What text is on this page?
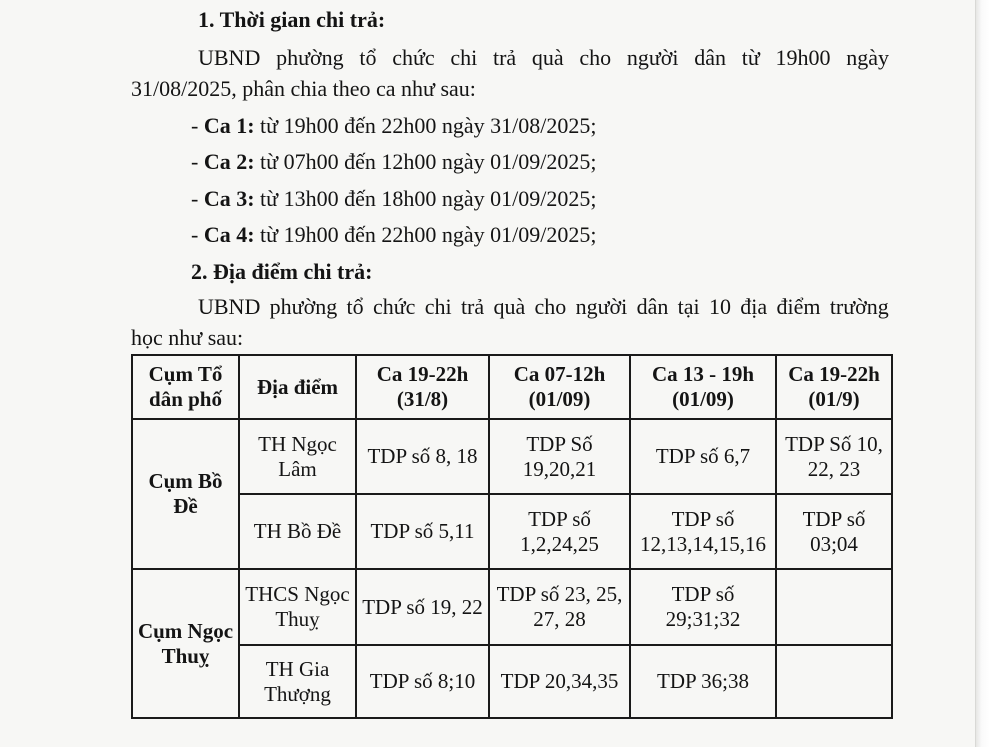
1. Thời gian chi trả:
UBND phường tổ chức chi trả quà cho người dân từ 19h00 ngày
31/08/2025, phân chia theo ca như sau:
- Ca 1: từ 19h00 đến 22h00 ngày 31/08/2025;
- Ca 2: từ 07h00 đến 12h00 ngày 01/09/2025;
- Ca 3: từ 13h00 đến 18h00 ngày 01/09/2025;
- Ca 4: từ 19h00 đến 22h00 ngày 01/09/2025;
2. Địa điểm chi trả:
UBND phường tổ chức chi trả quà cho người dân tại 10 địa điểm trường
học như sau:
Cụm Tổ dân phố	Địa điểm	Ca 19-22h (31/8)	Ca 07-12h (01/09)	Ca 13 - 19h (01/09)	Ca 19-22h (01/9)
Cụm Bồ Đề	TH Ngọc Lâm	TDP số 8, 18	TDP Số 19,20,21	TDP số 6,7	TDP Số 10, 22, 23
	TH Bồ Đề	TDP số 5,11	TDP số 1,2,24,25	TDP số 12,13,14,15,16	TDP số 03;04
Cụm Ngọc Thuỵ	THCS Ngọc Thuỵ	TDP số 19, 22	TDP số 23, 25, 27, 28	TDP số 29;31;32	
	TH Gia Thượng	TDP số 8;10	TDP 20,34,35	TDP 36;38	
